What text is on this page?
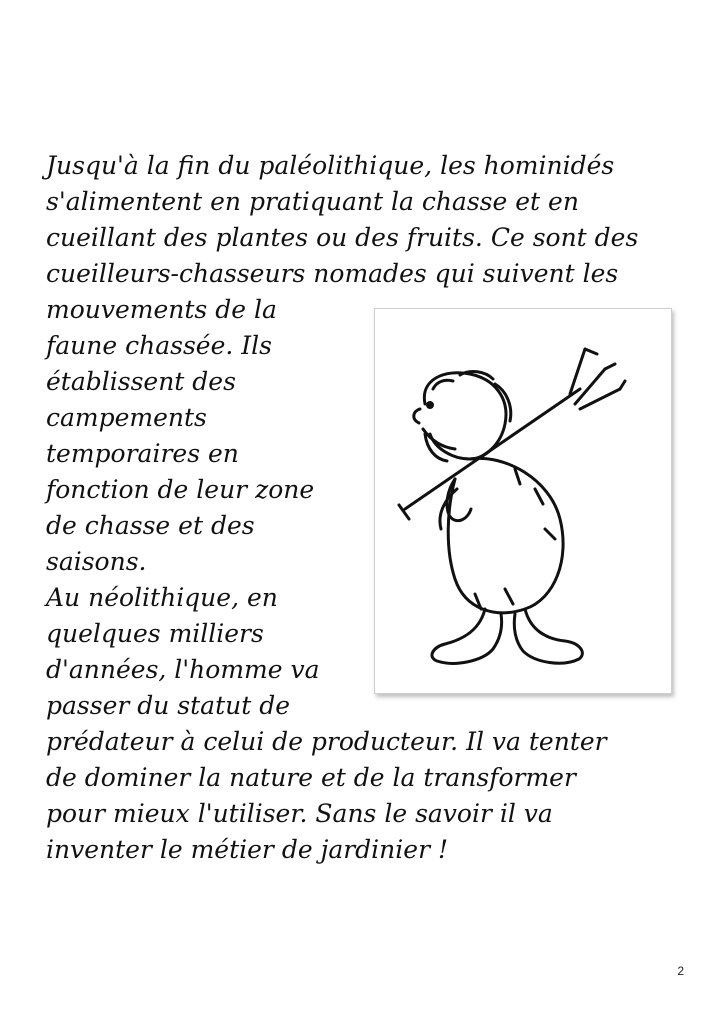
Jusqu'à la fin du paléolithique, les hominidés
s'alimentent en pratiquant la chasse et en
cueillant des plantes ou des fruits. Ce sont des
cueilleurs-chasseurs nomades qui suivent les
mouvements de la
faune chassée. Ils
établissent des
campements
temporaires en
fonction de leur zone
de chasse et des
saisons.
Au néolithique, en
quelques milliers
d'années, l'homme va
passer du statut de
prédateur à celui de producteur. Il va tenter
de dominer la nature et de la transformer
pour mieux l'utiliser. Sans le savoir il va
inventer le métier de jardinier !
2
